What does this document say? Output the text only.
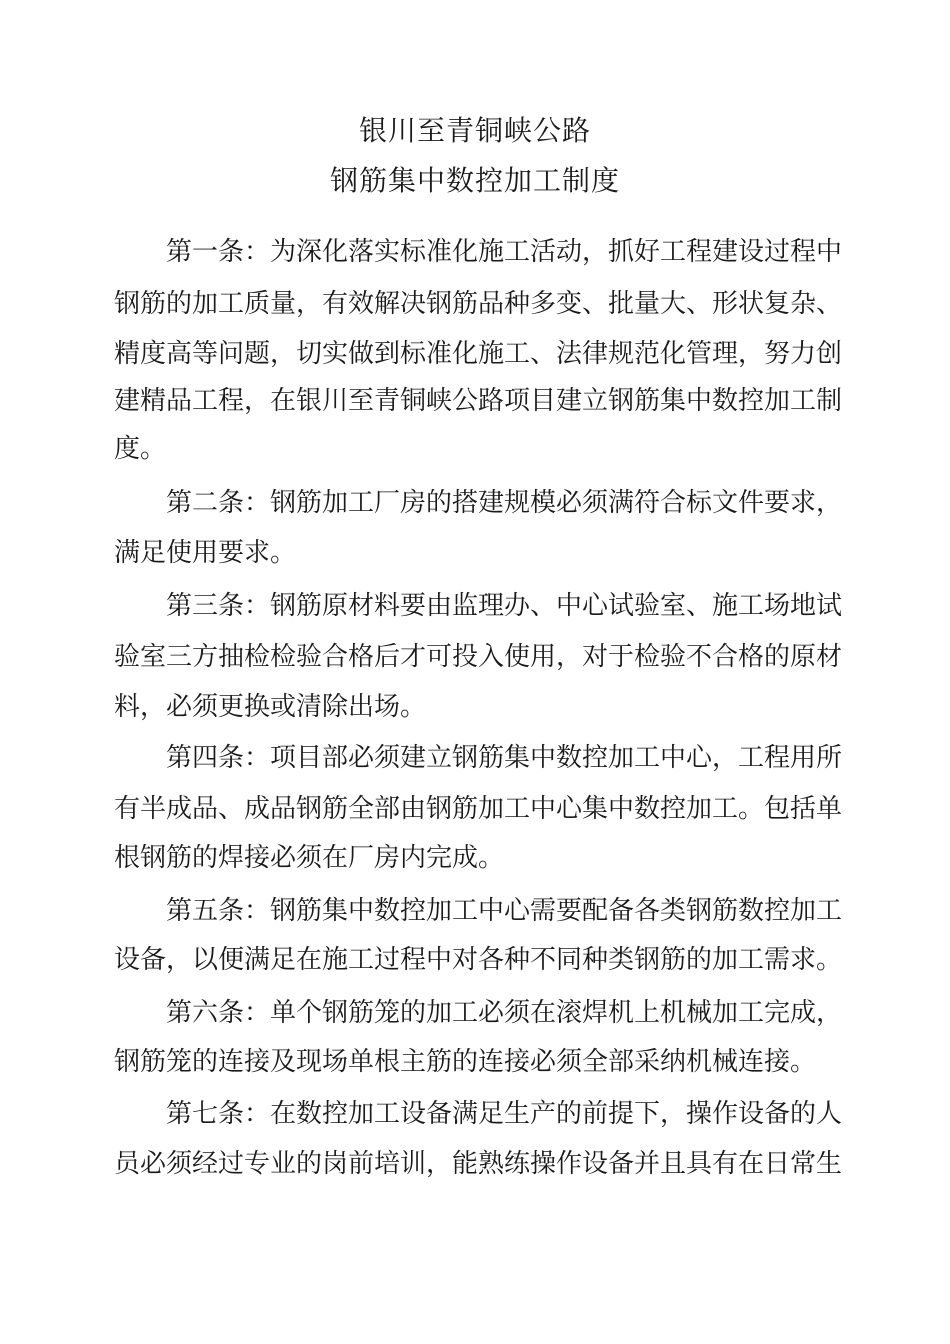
银川至青铜峡公路
钢筋集中数控加工制度
第一条：为深化落实标准化施工活动，抓好工程建设过程中
钢筋的加工质量，有效解决钢筋品种多变、批量大、形状复杂、
精度高等问题，切实做到标准化施工、法律规范化管理，努力创
建精品工程，在银川至青铜峡公路项目建立钢筋集中数控加工制
度。
第二条：钢筋加工厂房的搭建规模必须满符合标文件要求，
满足使用要求。
第三条：钢筋原材料要由监理办、中心试验室、施工场地试
验室三方抽检检验合格后才可投入使用，对于检验不合格的原材
料，必须更换或清除出场。
第四条：项目部必须建立钢筋集中数控加工中心，工程用所
有半成品、成品钢筋全部由钢筋加工中心集中数控加工。包括单
根钢筋的焊接必须在厂房内完成。
第五条：钢筋集中数控加工中心需要配备各类钢筋数控加工
设备，以便满足在施工过程中对各种不同种类钢筋的加工需求。
第六条：单个钢筋笼的加工必须在滚焊机上机械加工完成，
钢筋笼的连接及现场单根主筋的连接必须全部采纳机械连接。
第七条：在数控加工设备满足生产的前提下，操作设备的人
员必须经过专业的岗前培训，能熟练操作设备并且具有在日常生
